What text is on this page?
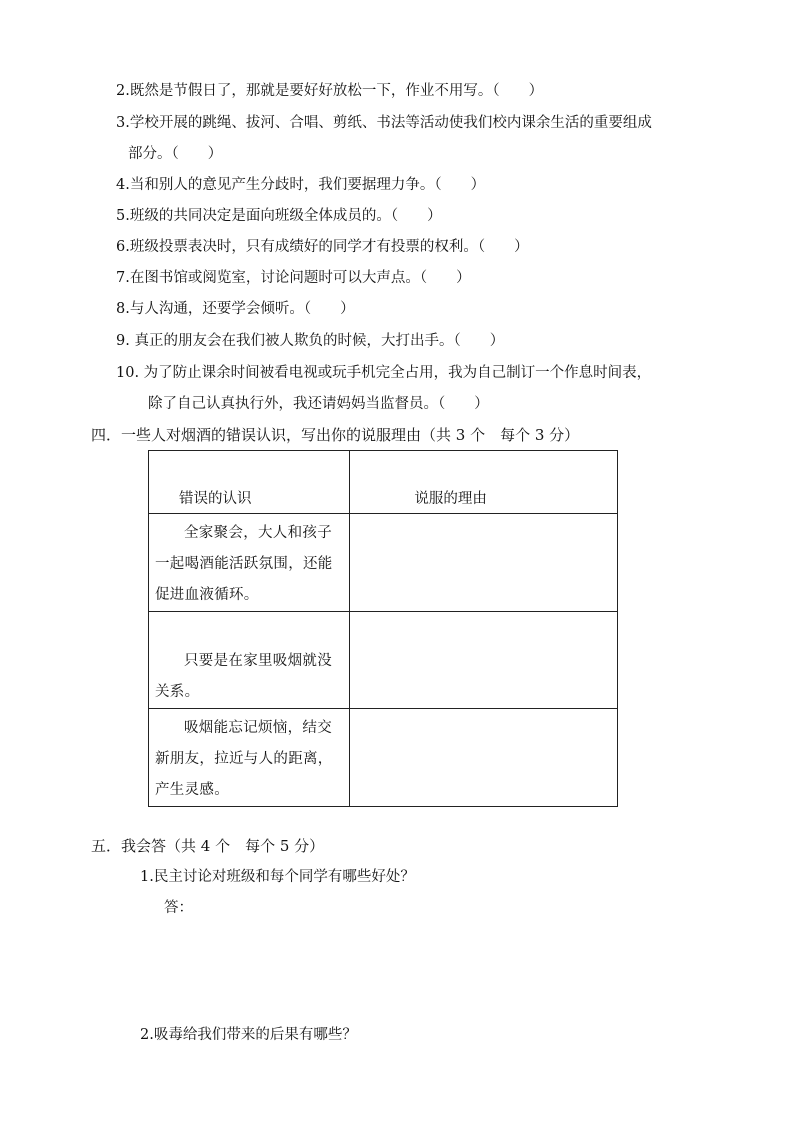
2.既然是节假日了，那就是要好好放松一下，作业不用写。（　　）
3.学校开展的跳绳、拔河、合唱、剪纸、书法等活动使我们校内课余生活的重要组成
部分。（　　）
4.当和别人的意见产生分歧时，我们要据理力争。（　　）
5.班级的共同决定是面向班级全体成员的。（　　）
6.班级投票表决时，只有成绩好的同学才有投票的权利。（　　）
7.在图书馆或阅览室，讨论问题时可以大声点。（　　）
8.与人沟通，还要学会倾听。（　　）
9. 真正的朋友会在我们被人欺负的时候，大打出手。（　　）
10. 为了防止课余时间被看电视或玩手机完全占用，我为自己制订一个作息时间表，
除了自己认真执行外，我还请妈妈当监督员。（　　）
四．一些人对烟酒的错误认识，写出你的说服理由（共 3 个　每个 3 分）
错误的认识	说服的理由

全家聚会，大人和孩子一起喝酒能活跃氛围，还能促进血液循环。	

只要是在家里吸烟就没关系。	

吸烟能忘记烦恼，结交新朋友，拉近与人的距离，产生灵感。	

五．我会答（共 4 个　每个 5 分）
1.民主讨论对班级和每个同学有哪些好处？
答：
2.吸毒给我们带来的后果有哪些？
